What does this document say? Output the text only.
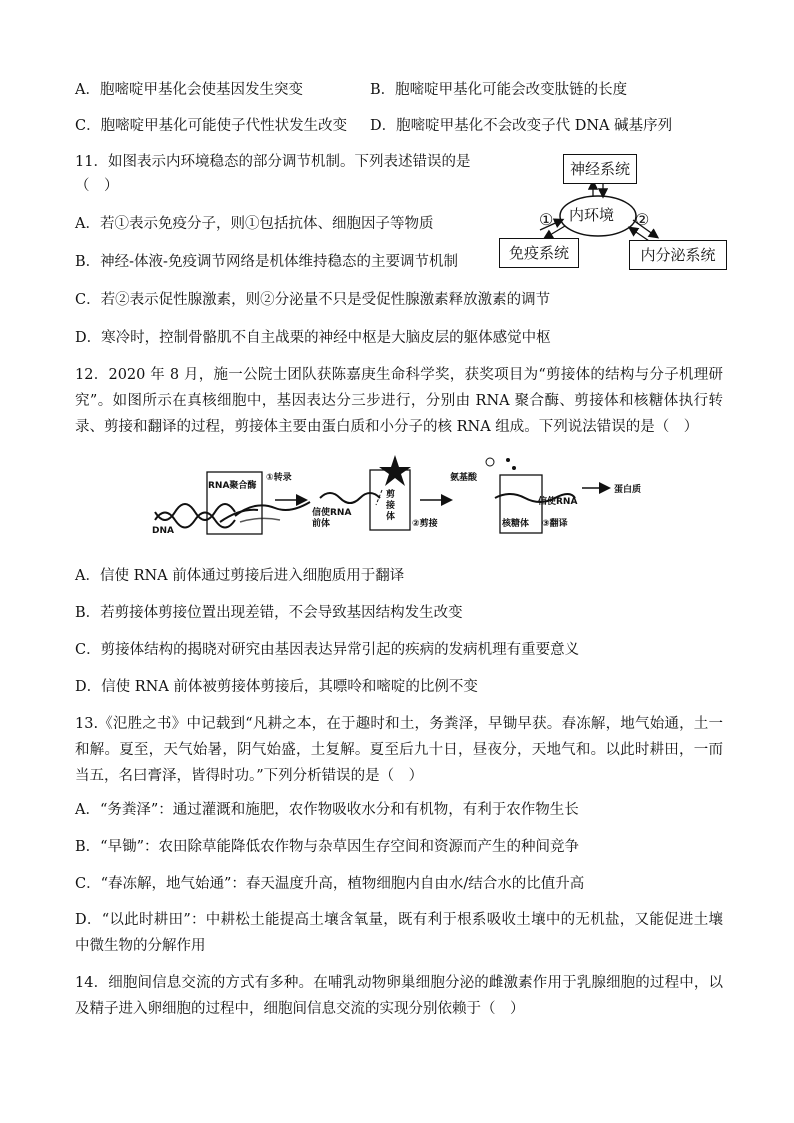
A．胞嘧啶甲基化会使基因发生突变	B．胞嘧啶甲基化可能会改变肽链的长度
C．胞嘧啶甲基化可能使子代性状发生改变 D．胞嘧啶甲基化不会改变子代 DNA 碱基序列
11．如图表示内环境稳态的部分调节机制。下列表述错误的是
（　）
A．若①表示免疫分子，则①包括抗体、细胞因子等物质
B．神经-体液-免疫调节网络是机体维持稳态的主要调节机制
C．若②表示促性腺激素，则②分泌量不只是受促性腺激素释放激素的调节
D．寒冷时，控制骨骼肌不自主战栗的神经中枢是大脑皮层的躯体感觉中枢
神经系统
内环境
免疫系统	内分泌系统
①	②
12．2020 年 8 月，施一公院士团队获陈嘉庚生命科学奖，获奖项目为“剪接体的结构与分子机理研究”。如图所示在真核细胞中，基因表达分三步进行，分别由 RNA 聚合酶、剪接体和核糖体执行转录、剪接和翻译的过程，剪接体主要由蛋白质和小分子的核 RNA 组成。下列说法错误的是（　）
DNA
RNA聚合酶
①转录
信使RNA前体
剪接体
②剪接
氨基酸
核糖体
信使RNA
③翻译
蛋白质
A．信使 RNA 前体通过剪接后进入细胞质用于翻译
B．若剪接体剪接位置出现差错，不会导致基因结构发生改变
C．剪接体结构的揭晓对研究由基因表达异常引起的疾病的发病机理有重要意义
D．信使 RNA 前体被剪接体剪接后，其嘌呤和嘧啶的比例不变
13.《氾胜之书》中记载到“凡耕之本，在于趣时和土，务粪泽，早锄早获。春冻解，地气始通，土一和解。夏至，天气始暑，阴气始盛，土复解。夏至后九十日，昼夜分，天地气和。以此时耕田，一而当五，名曰膏泽，皆得时功。”下列分析错误的是（　）
A．“务粪泽”：通过灌溉和施肥，农作物吸收水分和有机物，有利于农作物生长
B．“早锄”：农田除草能降低农作物与杂草因生存空间和资源而产生的种间竞争
C．“春冻解，地气始通”：春天温度升高，植物细胞内自由水/结合水的比值升高
D．“以此时耕田”：中耕松土能提高土壤含氧量，既有利于根系吸收土壤中的无机盐，又能促进土壤中微生物的分解作用
14．细胞间信息交流的方式有多种。在哺乳动物卵巢细胞分泌的雌激素作用于乳腺细胞的过程中，以及精子进入卵细胞的过程中，细胞间信息交流的实现分别依赖于（　）
